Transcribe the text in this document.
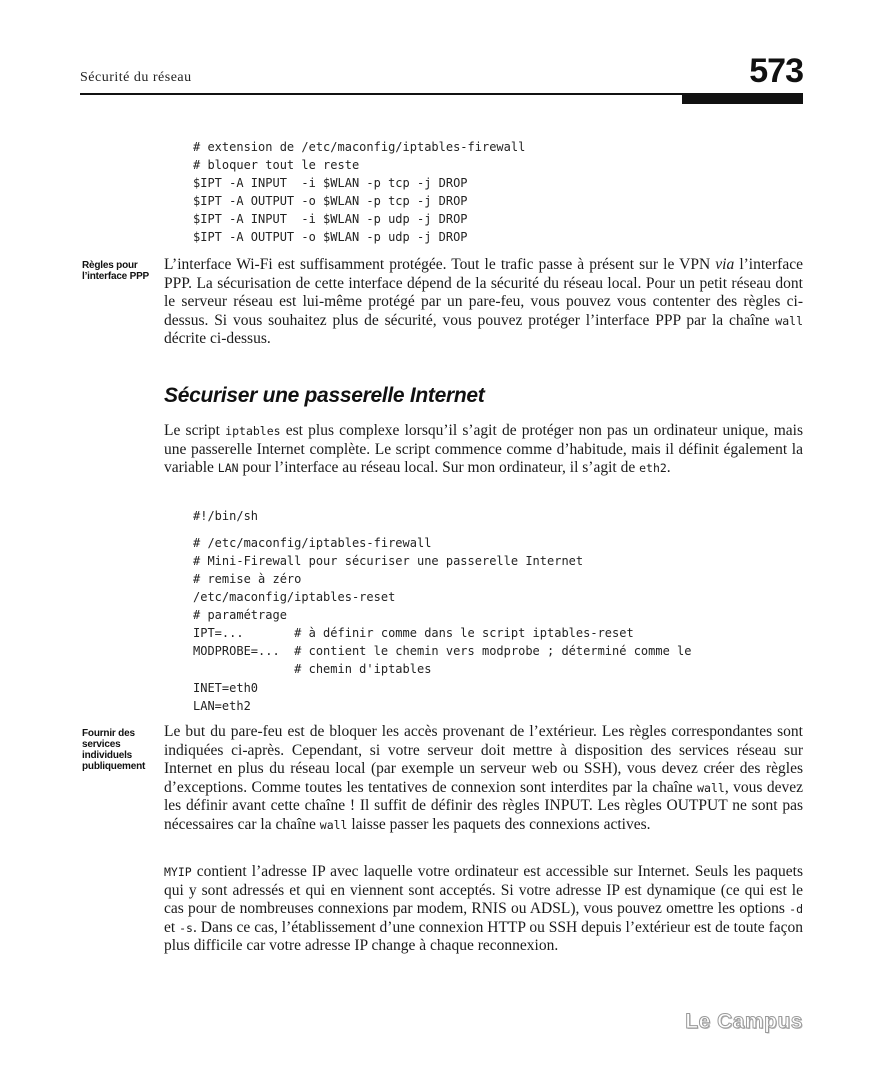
Sécurité du réseau	573
# extension de /etc/maconfig/iptables-firewall
# bloquer tout le reste
$IPT -A INPUT  -i $WLAN -p tcp -j DROP
$IPT -A OUTPUT -o $WLAN -p tcp -j DROP
$IPT -A INPUT  -i $WLAN -p udp -j DROP
$IPT -A OUTPUT -o $WLAN -p udp -j DROP
Règles pour l’interface PPP

L’interface Wi-Fi est suffisamment protégée. Tout le trafic passe à présent sur le VPN via l’interface PPP. La sécurisation de cette interface dépend de la sécurité du réseau local. Pour un petit réseau dont le serveur réseau est lui-même protégé par un pare-feu, vous pouvez vous contenter des règles ci-dessus. Si vous souhaitez plus de sécurité, vous pouvez protéger l’interface PPP par la chaîne wall décrite ci-dessus.

Sécuriser une passerelle Internet

Le script iptables est plus complexe lorsqu’il s’agit de protéger non pas un ordinateur unique, mais une passerelle Internet complète. Le script commence comme d’habitude, mais il définit également la variable LAN pour l’interface au réseau local. Sur mon ordinateur, il s’agit de eth2.

#!/bin/sh
# /etc/maconfig/iptables-firewall
# Mini-Firewall pour sécuriser une passerelle Internet
# remise à zéro
/etc/maconfig/iptables-reset
# paramétrage
IPT=...       # à définir comme dans le script iptables-reset
MODPROBE=...  # contient le chemin vers modprobe ; déterminé comme le
# chemin d'iptables
INET=eth0
LAN=eth2
Fournir des services individuels publiquement

Le but du pare-feu est de bloquer les accès provenant de l’extérieur. Les règles correspondantes sont indiquées ci-après. Cependant, si votre serveur doit mettre à disposition des services réseau sur Internet en plus du réseau local (par exemple un serveur web ou SSH), vous devez créer des règles d’exceptions. Comme toutes les tentatives de connexion sont interdites par la chaîne wall, vous devez les définir avant cette chaîne ! Il suffit de définir des règles INPUT. Les règles OUTPUT ne sont pas nécessaires car la chaîne wall laisse passer les paquets des connexions actives.

MYIP contient l’adresse IP avec laquelle votre ordinateur est accessible sur Internet. Seuls les paquets qui y sont adressés et qui en viennent sont acceptés. Si votre adresse IP est dynamique (ce qui est le cas pour de nombreuses connexions par modem, RNIS ou ADSL), vous pouvez omettre les options -d et -s. Dans ce cas, l’établissement d’une connexion HTTP ou SSH depuis l’extérieur est de toute façon plus difficile car votre adresse IP change à chaque reconnexion.

Le Campus
